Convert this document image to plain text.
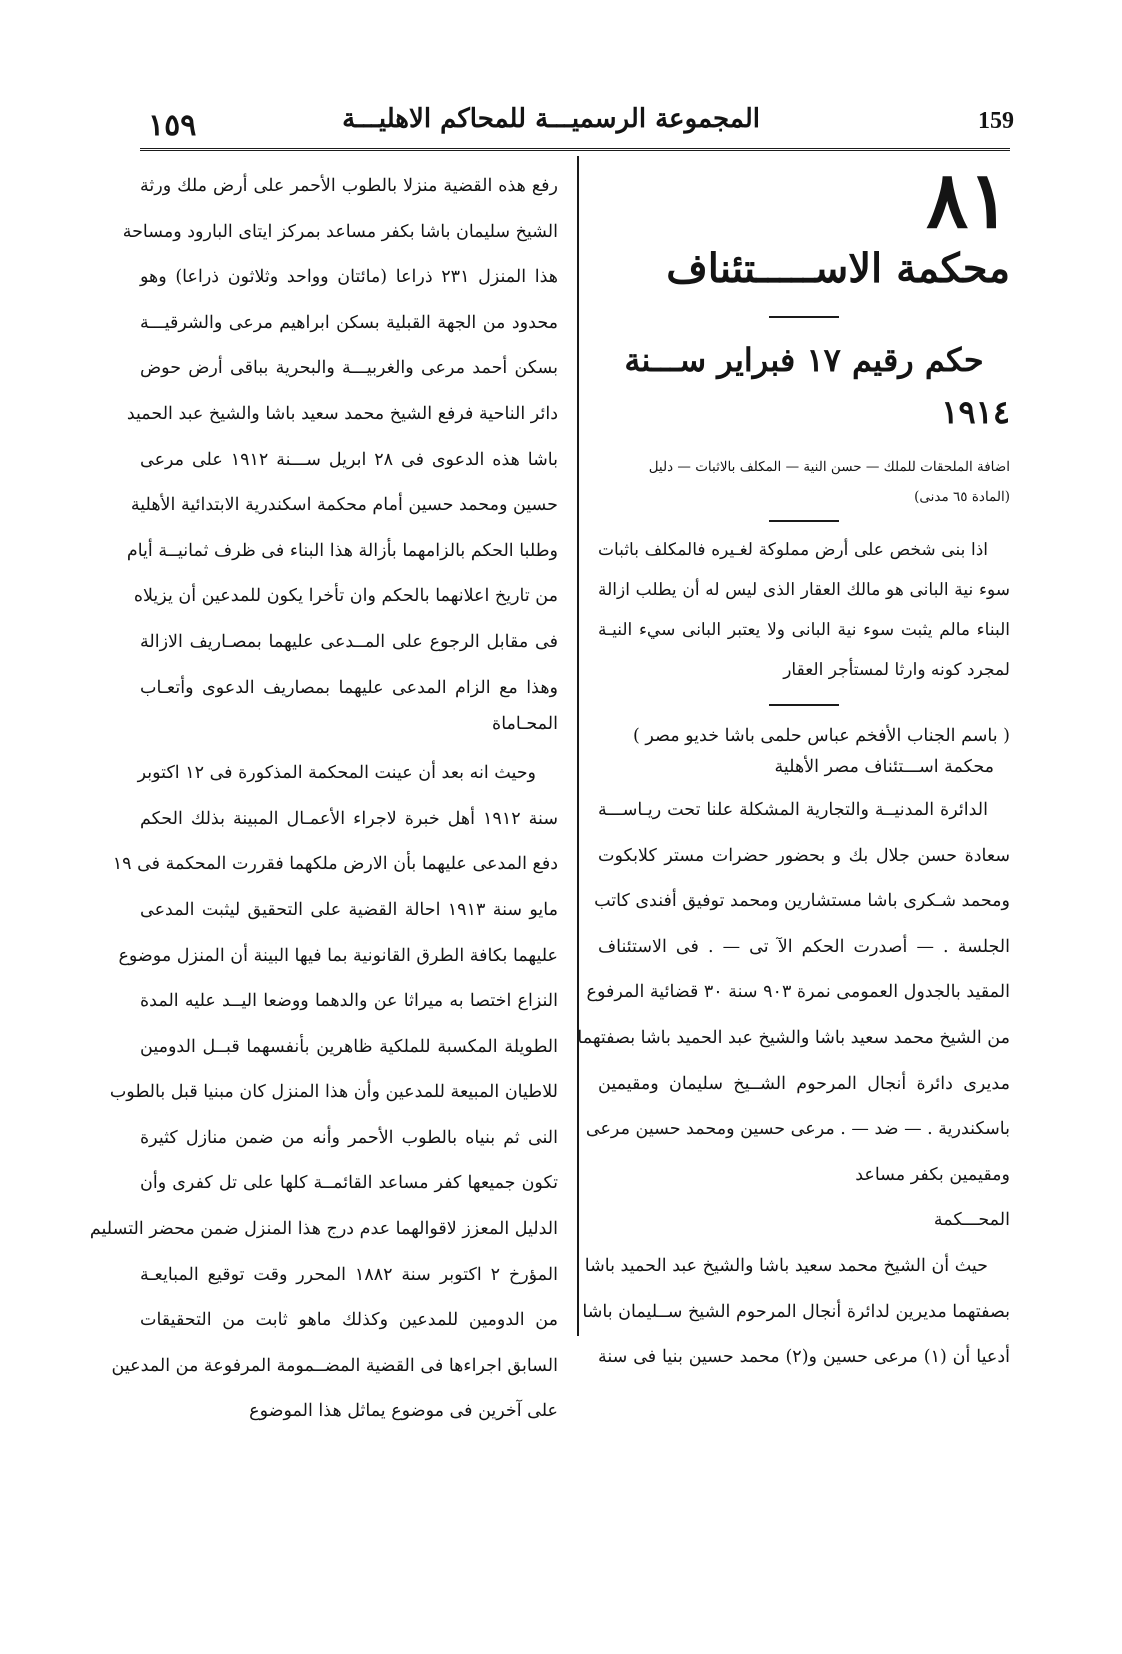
١٥٩	المجموعة الرسميـــة للمحاكم الاهليـــة	159
٨١
محكمة الاســـــتئناف
حكم رقيم ١٧ فبراير ســـنة ١٩١٤
اضافة الملحقات للملك — حسن النية — المكلف بالاثبات — دليل
(المادة ٦٥ مدنى)
اذا بنى شخص على أرض مملوكة لغـيره فالمكلف باثبات
سوء نية البانى هو مالك العقار الذى ليس له أن يطلب ازالة
البناء مالم يثبت سوء نية البانى ولا يعتبر البانى سيء النيـة
لمجرد كونه وارثا لمستأجر العقار
( باسم الجناب الأفخم عباس حلمى باشا خديو مصر )
محكمة اســـتئناف مصر الأهلية
الدائرة المدنيــة والتجارية المشكلة علنا تحت ريـاســـة
سعادة حسن جلال بك و بحضور حضرات مستر كلابكوت
ومحمد شـكرى باشا مستشارين ومحمد توفيق أفندى كاتب
الجلسة . — أصدرت الحكم الآ تى — . فى الاستئناف
المقيد بالجدول العمومى نمرة ٩٠٣ سنة ٣٠ قضائية المرفوع
من الشيخ محمد سعيد باشا والشيخ عبد الحميد باشا بصفتهما
مديرى دائرة أنجال المرحوم الشــيخ سليمان ومقيمين
باسكندرية . — ضد — . مرعى حسين ومحمد حسين مرعى
ومقيمين بكفر مساعد
المحـــكمة
حيث أن الشيخ محمد سعيد باشا والشيخ عبد الحميد باشا
بصفتهما مديرين لدائرة أنجال المرحوم الشيخ ســليمان باشا
أدعيا أن (١) مرعى حسين و(٢) محمد حسين بنيا فى سنة
رفع هذه القضية منزلا بالطوب الأحمر على أرض ملك ورثة
الشيخ سليمان باشا بكفر مساعد بمركز ايتاى البارود ومساحة
هذا المنزل ٢٣١ ذراعا (مائتان وواحد وثلاثون ذراعا) وهو
محدود من الجهة القبلية بسكن ابراهيم مرعى والشرقيـــة
بسكن أحمد مرعى والغربيـــة والبحرية بباقى أرض حوض
دائر الناحية فرفع الشيخ محمد سعيد باشا والشيخ عبد الحميد
باشا هذه الدعوى فى ٢٨ ابريل ســـنة ١٩١٢ على مرعى
حسين ومحمد حسين أمام محكمة اسكندرية الابتدائية الأهلية
وطلبا الحكم بالزامهما بأزالة هذا البناء فى ظرف ثمانيــة أيام
من تاريخ اعلانهما بالحكم وان تأخرا يكون للمدعين أن يزيلاه
فى مقابل الرجوع على المــدعى عليهما بمصـاريف الازالة
وهذا مع الزام المدعى عليهما بمصاريف الدعوى وأتعـاب
المحـاماة
وحيث انه بعد أن عينت المحكمة المذكورة فى ١٢ اكتوبر
سنة ١٩١٢ أهل خبرة لاجراء الأعمـال المبينة بذلك الحكم
دفع المدعى عليهما بأن الارض ملكهما فقررت المحكمة فى ١٩
مايو سنة ١٩١٣ احالة القضية على التحقيق ليثبت المدعى
عليهما بكافة الطرق القانونية بما فيها البينة أن المنزل موضوع
النزاع اختصا به ميراثا عن والدهما ووضعا اليــد عليه المدة
الطويلة المكسبة للملكية ظاهرين بأنفسهما قبــل الدومين
للاطيان المبيعة للمدعين وأن هذا المنزل كان مبنيا قبل بالطوب
النى ثم بنياه بالطوب الأحمر وأنه من ضمن منازل كثيرة
تكون جميعها كفر مساعد القائمــة كلها على تل كفرى وأن
الدليل المعزز لاقوالهما عدم درج هذا المنزل ضمن محضر التسليم
المؤرخ ٢ اكتوبر سنة ١٨٨٢ المحرر وقت توقيع المبايعـة
من الدومين للمدعين وكذلك ماهو ثابت من التحقيقات
السابق اجراءها فى القضية المضــمومة المرفوعة من المدعين
على آخرين فى موضوع يماثل هذا الموضوع
